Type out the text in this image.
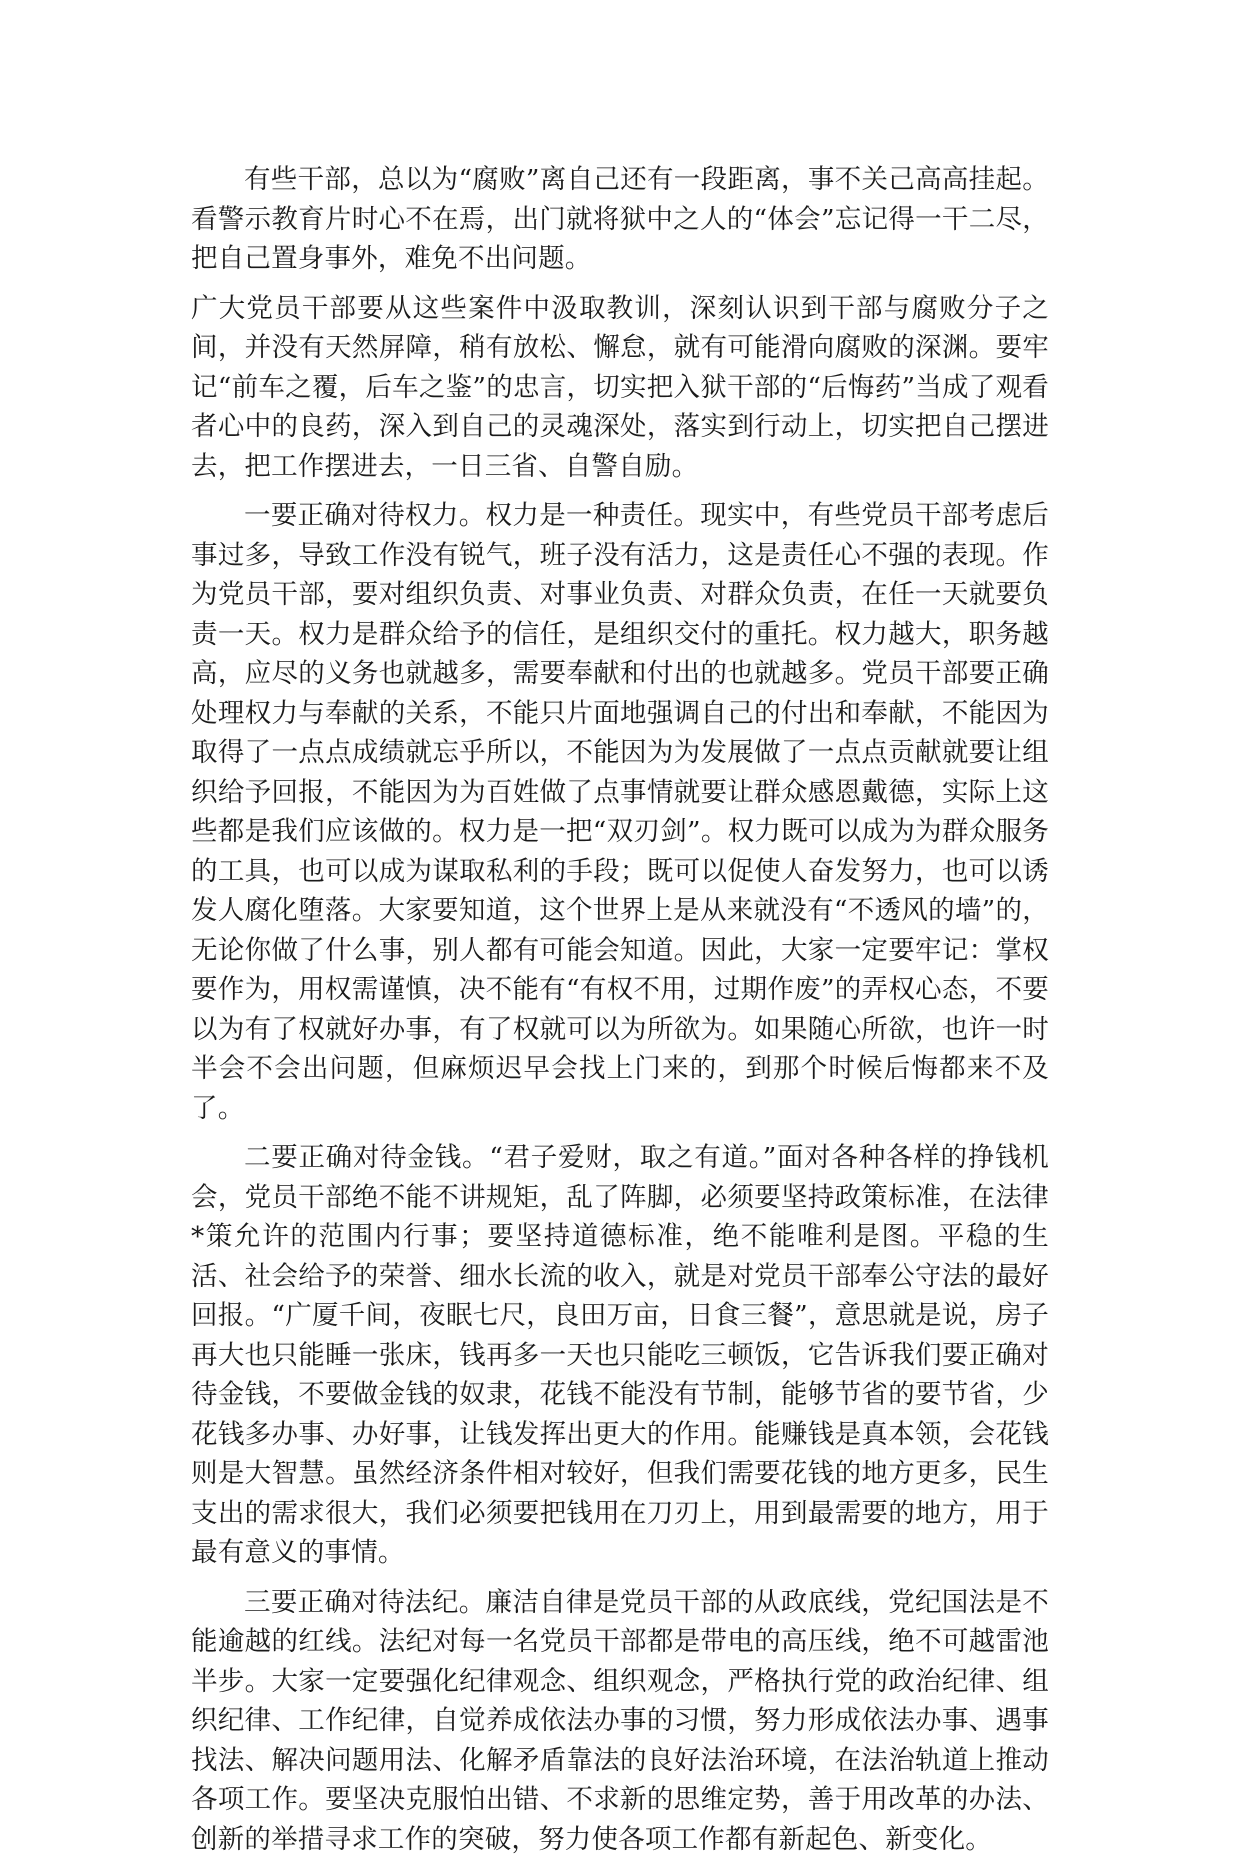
有些干部，总以为“腐败”离自己还有一段距离，事不关己高高挂起。看警示教育片时心不在焉，出门就将狱中之人的“体会”忘记得一干二尽，把自己置身事外，难免不出问题。

广大党员干部要从这些案件中汲取教训，深刻认识到干部与腐败分子之间，并没有天然屏障，稍有放松、懈怠，就有可能滑向腐败的深渊。要牢记“前车之覆，后车之鉴”的忠言，切实把入狱干部的“后悔药”当成了观看者心中的良药，深入到自己的灵魂深处，落实到行动上，切实把自己摆进去，把工作摆进去，一日三省、自警自励。

一要正确对待权力。权力是一种责任。现实中，有些党员干部考虑后事过多，导致工作没有锐气，班子没有活力，这是责任心不强的表现。作为党员干部，要对组织负责、对事业负责、对群众负责，在任一天就要负责一天。权力是群众给予的信任，是组织交付的重托。权力越大，职务越高，应尽的义务也就越多，需要奉献和付出的也就越多。党员干部要正确处理权力与奉献的关系，不能只片面地强调自己的付出和奉献，不能因为取得了一点点成绩就忘乎所以，不能因为为发展做了一点点贡献就要让组织给予回报，不能因为为百姓做了点事情就要让群众感恩戴德，实际上这些都是我们应该做的。权力是一把“双刃剑”。权力既可以成为为群众服务的工具，也可以成为谋取私利的手段；既可以促使人奋发努力，也可以诱发人腐化堕落。大家要知道，这个世界上是从来就没有“不透风的墙”的，无论你做了什么事，别人都有可能会知道。因此，大家一定要牢记：掌权要作为，用权需谨慎，决不能有“有权不用，过期作废”的弄权心态，不要以为有了权就好办事，有了权就可以为所欲为。如果随心所欲，也许一时半会不会出问题，但麻烦迟早会找上门来的，到那个时候后悔都来不及了。

二要正确对待金钱。“君子爱财，取之有道。”面对各种各样的挣钱机会，党员干部绝不能不讲规矩，乱了阵脚，必须要坚持政策标准，在法律*策允许的范围内行事；要坚持道德标准，绝不能唯利是图。平稳的生活、社会给予的荣誉、细水长流的收入，就是对党员干部奉公守法的最好回报。“广厦千间，夜眠七尺，良田万亩，日食三餐”，意思就是说，房子再大也只能睡一张床，钱再多一天也只能吃三顿饭，它告诉我们要正确对待金钱，不要做金钱的奴隶，花钱不能没有节制，能够节省的要节省，少花钱多办事、办好事，让钱发挥出更大的作用。能赚钱是真本领，会花钱则是大智慧。虽然经济条件相对较好，但我们需要花钱的地方更多，民生支出的需求很大，我们必须要把钱用在刀刃上，用到最需要的地方，用于最有意义的事情。

三要正确对待法纪。廉洁自律是党员干部的从政底线，党纪国法是不能逾越的红线。法纪对每一名党员干部都是带电的高压线，绝不可越雷池半步。大家一定要强化纪律观念、组织观念，严格执行党的政治纪律、组织纪律、工作纪律，自觉养成依法办事的习惯，努力形成依法办事、遇事找法、解决问题用法、化解矛盾靠法的良好法治环境，在法治轨道上推动各项工作。要坚决克服怕出错、不求新的思维定势，善于用改革的办法、创新的举措寻求工作的突破，努力使各项工作都有新起色、新变化。
